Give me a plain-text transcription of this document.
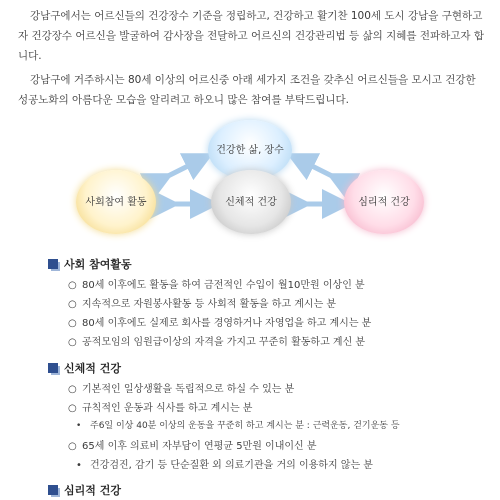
강남구에서는 어르신들의 건강장수 기준을 정립하고, 건강하고 활기찬 100세 도시 강남을 구현하고자 건강장수 어르신을 발굴하여 감사장을 전달하고 어르신의 건강관리법 등 삶의 지혜를 전파하고자 합니다.

강남구에 거주하시는 80세 이상의 어르신중 아래 세가지 조건을 갖추신 어르신들을 모시고 건강한 성공노화의 아름다운 모습을 알리려고 하오니 많은 참여를 부탁드립니다.

건강한 삶, 장수
사회참여 활동	신체적 건강	심리적 건강
사회 참여활동
○ 80세 이후에도 활동을 하여 금전적인 수입이 월10만원 이상인 분
○ 지속적으로 자원봉사활동 등 사회적 활동을 하고 계시는 분
○ 80세 이후에도 실제로 회사를 경영하거나 자영업을 하고 계시는 분
○ 공적모임의 임원급이상의 자격을 가지고 꾸준히 활동하고 계신 분
신체적 건강
○ 기본적인 일상생활을 독립적으로 하실 수 있는 분
○ 규칙적인 운동과 식사를 하고 계시는 분
• 주6일 이상 40분 이상의 운동을 꾸준히 하고 계시는 분 : 근력운동, 걷기운동 등
○ 65세 이후 의료비 자부담이 연평균 5만원 이내이신 분
• 건강검진, 감기 등 단순질환 외 의료기관을 거의 이용하지 않는 분
심리적 건강
